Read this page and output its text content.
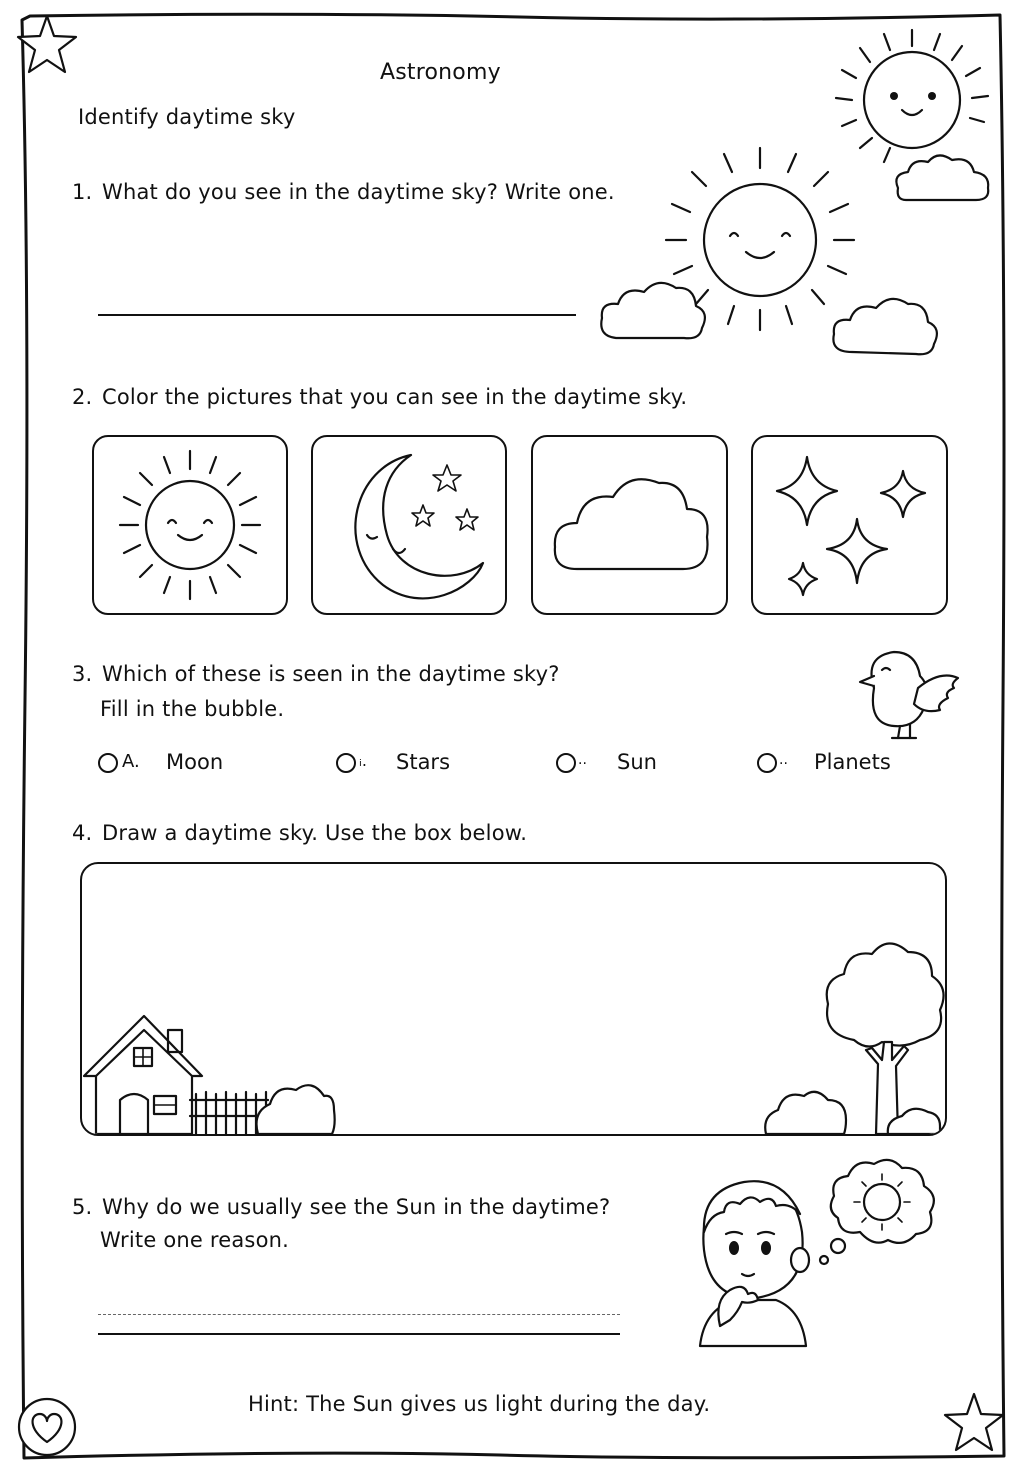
Astronomy
Identify daytime sky
1. What do you see in the daytime sky? Write one.
2. Color the pictures that you can see in the daytime sky.
3. Which of these is seen in the daytime sky?
Fill in the bubble.
A. Moon	ᵢ. Stars	.. Sun	.. Planets
4. Draw a daytime sky. Use the box below.
5. Why do we usually see the Sun in the daytime?
Write one reason.
Hint: The Sun gives us light during the day.
